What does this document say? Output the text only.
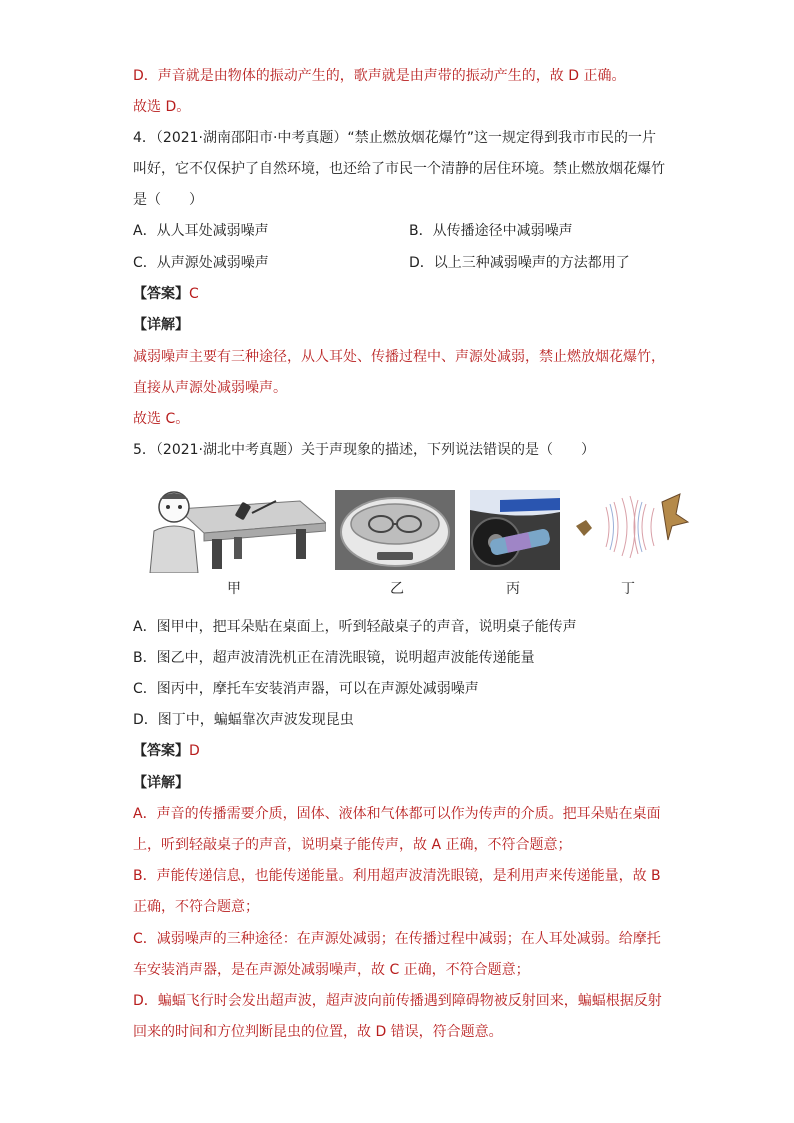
D．声音就是由物体的振动产生的，歌声就是由声带的振动产生的，故 D 正确。
故选 D。
4．（2021·湖南邵阳市·中考真题）“禁止燃放烟花爆竹”这一规定得到我市市民的一片
叫好，它不仅保护了自然环境，也还给了市民一个清静的居住环境。禁止燃放烟花爆竹
是（　　）
A．从人耳处减弱噪声	B．从传播途径中减弱噪声
C．从声源处减弱噪声	D．以上三种减弱噪声的方法都用了
【答案】C
【详解】
减弱噪声主要有三种途径，从人耳处、传播过程中、声源处减弱，禁止燃放烟花爆竹，
直接从声源处减弱噪声。
故选 C。
5．（2021·湖北中考真题）关于声现象的描述，下列说法错误的是（　　）
甲	乙	丙	丁
A．图甲中，把耳朵贴在桌面上，听到轻敲桌子的声音，说明桌子能传声
B．图乙中，超声波清洗机正在清洗眼镜，说明超声波能传递能量
C．图丙中，摩托车安装消声器，可以在声源处减弱噪声
D．图丁中，蝙蝠靠次声波发现昆虫
【答案】D
【详解】
A．声音的传播需要介质，固体、液体和气体都可以作为传声的介质。把耳朵贴在桌面
上，听到轻敲桌子的声音，说明桌子能传声，故 A 正确，不符合题意；
B．声能传递信息，也能传递能量。利用超声波清洗眼镜，是利用声来传递能量，故 B
正确，不符合题意；
C．减弱噪声的三种途径：在声源处减弱；在传播过程中减弱；在人耳处减弱。给摩托
车安装消声器，是在声源处减弱噪声，故 C 正确，不符合题意；
D．蝙蝠飞行时会发出超声波，超声波向前传播遇到障碍物被反射回来，蝙蝠根据反射
回来的时间和方位判断昆虫的位置，故 D 错误，符合题意。
